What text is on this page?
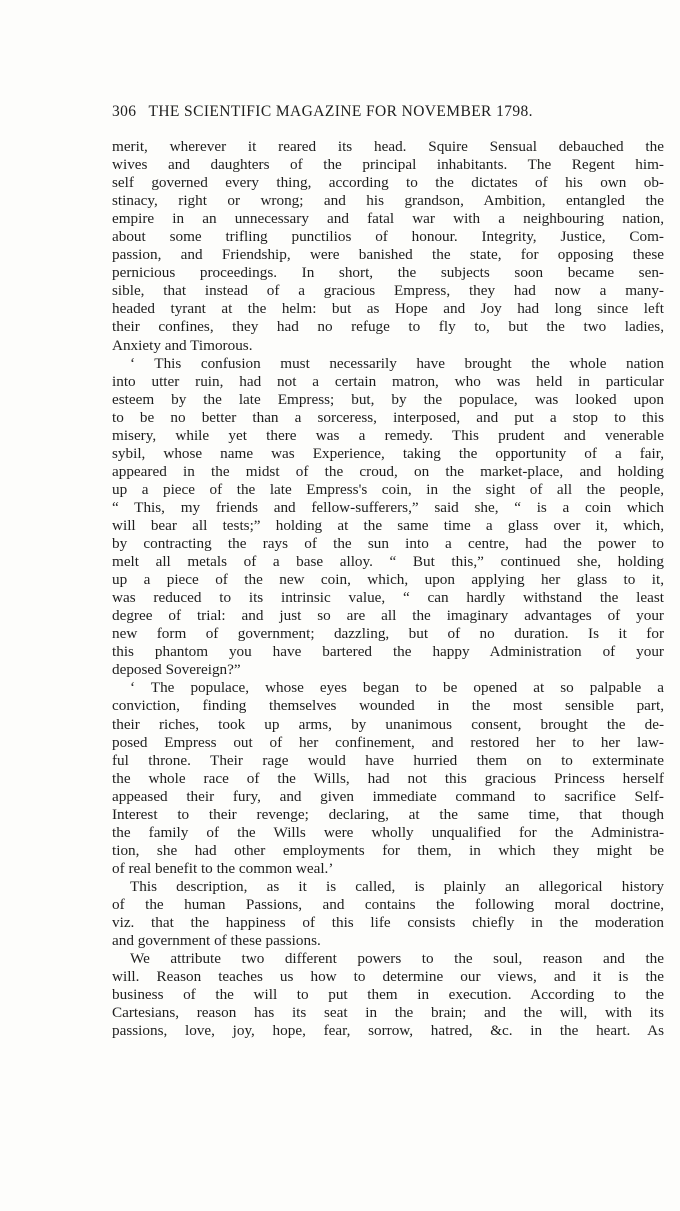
306 THE SCIENTIFIC MAGAZINE FOR NOVEMBER 1798.
merit, wherever it reared its head. Squire Sensual debauched the
wives and daughters of the principal inhabitants. The Regent him-
self governed every thing, according to the dictates of his own ob-
stinacy, right or wrong; and his grandson, Ambition, entangled the
empire in an unnecessary and fatal war with a neighbouring nation,
about some trifling punctilios of honour. Integrity, Justice, Com-
passion, and Friendship, were banished the state, for opposing these
pernicious proceedings. In short, the subjects soon became sen-
sible, that instead of a gracious Empress, they had now a many-
headed tyrant at the helm: but as Hope and Joy had long since left
their confines, they had no refuge to fly to, but the two ladies,
Anxiety and Timorous.
‘ This confusion must necessarily have brought the whole nation
into utter ruin, had not a certain matron, who was held in particular
esteem by the late Empress; but, by the populace, was looked upon
to be no better than a sorceress, interposed, and put a stop to this
misery, while yet there was a remedy. This prudent and venerable
sybil, whose name was Experience, taking the opportunity of a fair,
appeared in the midst of the croud, on the market-place, and holding
up a piece of the late Empress's coin, in the sight of all the people,
“ This, my friends and fellow-sufferers,” said she, “ is a coin which
will bear all tests;” holding at the same time a glass over it, which,
by contracting the rays of the sun into a centre, had the power to
melt all metals of a base alloy. “ But this,” continued she, holding
up a piece of the new coin, which, upon applying her glass to it,
was reduced to its intrinsic value, “ can hardly withstand the least
degree of trial: and just so are all the imaginary advantages of your
new form of government; dazzling, but of no duration. Is it for
this phantom you have bartered the happy Administration of your
deposed Sovereign?”
‘ The populace, whose eyes began to be opened at so palpable a
conviction, finding themselves wounded in the most sensible part,
their riches, took up arms, by unanimous consent, brought the de-
posed Empress out of her confinement, and restored her to her law-
ful throne. Their rage would have hurried them on to exterminate
the whole race of the Wills, had not this gracious Princess herself
appeased their fury, and given immediate command to sacrifice Self-
Interest to their revenge; declaring, at the same time, that though
the family of the Wills were wholly unqualified for the Administra-
tion, she had other employments for them, in which they might be
of real benefit to the common weal.’
This description, as it is called, is plainly an allegorical history
of the human Passions, and contains the following moral doctrine,
viz. that the happiness of this life consists chiefly in the moderation
and government of these passions.
We attribute two different powers to the soul, reason and the
will. Reason teaches us how to determine our views, and it is the
business of the will to put them in execution. According to the
Cartesians, reason has its seat in the brain; and the will, with its
passions, love, joy, hope, fear, sorrow, hatred, &c. in the heart. As
